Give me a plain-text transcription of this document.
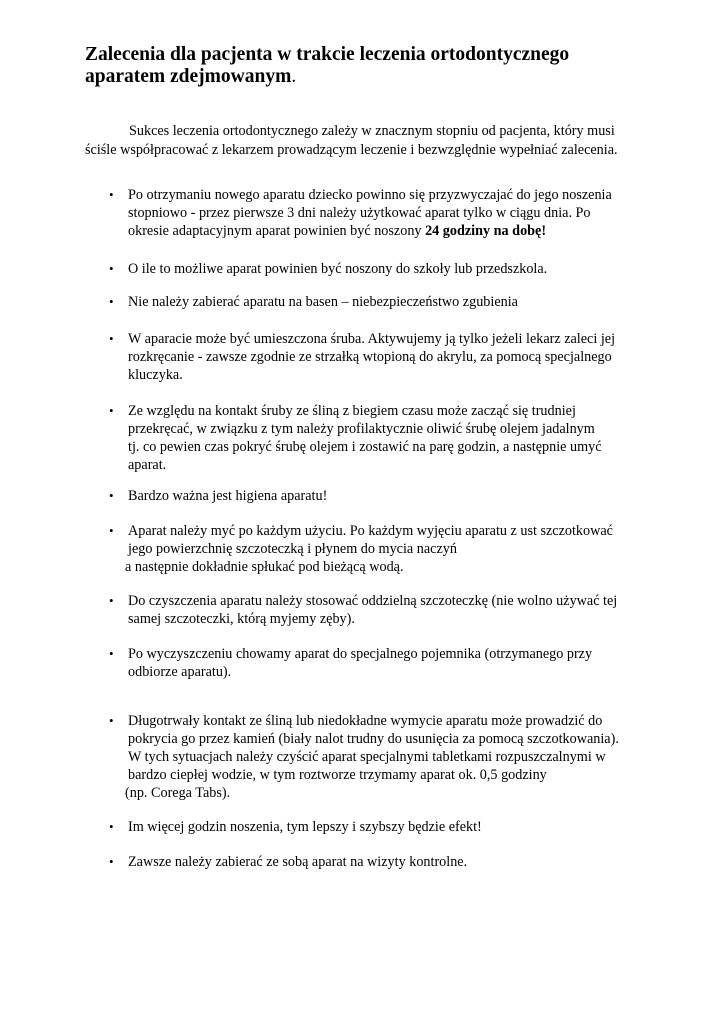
Zalecenia dla pacjenta w trakcie leczenia ortodontycznego aparatem zdejmowanym.

Sukces leczenia ortodontycznego zależy w znacznym stopniu od pacjenta, który musi ściśle współpracować z lekarzem prowadzącym leczenie i bezwzględnie wypełniać zalecenia.

• Po otrzymaniu nowego aparatu dziecko powinno się przyzwyczajać do jego noszenia
stopniowo - przez pierwsze 3 dni należy użytkować aparat tylko w ciągu dnia. Po
okresie adaptacyjnym aparat powinien być noszony 24 godziny na dobę!
• O ile to możliwe aparat powinien być noszony do szkoły lub przedszkola.
• Nie należy zabierać aparatu na basen – niebezpieczeństwo zgubienia
• W aparacie może być umieszczona śruba. Aktywujemy ją tylko jeżeli lekarz zaleci jej
rozkręcanie - zawsze zgodnie ze strzałką wtopioną do akrylu, za pomocą specjalnego
kluczyka.
• Ze względu na kontakt śruby ze śliną z biegiem czasu może zacząć się trudniej
przekręcać, w związku z tym należy profilaktycznie oliwić śrubę olejem jadalnym
tj. co pewien czas pokryć śrubę olejem i zostawić na parę godzin, a następnie umyć
aparat.
• Bardzo ważna jest higiena aparatu!
• Aparat należy myć po każdym użyciu. Po każdym wyjęciu aparatu z ust szczotkować
jego powierzchnię szczoteczką i płynem do mycia naczyń
a następnie dokładnie spłukać pod bieżącą wodą.
• Do czyszczenia aparatu należy stosować oddzielną szczoteczkę (nie wolno używać tej
samej szczoteczki, którą myjemy zęby).
• Po wyczyszczeniu chowamy aparat do specjalnego pojemnika (otrzymanego przy
odbiorze aparatu).
• Długotrwały kontakt ze śliną lub niedokładne wymycie aparatu może prowadzić do
pokrycia go przez kamień (biały nalot trudny do usunięcia za pomocą szczotkowania).
W tych sytuacjach należy czyścić aparat specjalnymi tabletkami rozpuszczalnymi w
bardzo ciepłej wodzie, w tym roztworze trzymamy aparat ok. 0,5 godziny
(np. Corega Tabs).
• Im więcej godzin noszenia, tym lepszy i szybszy będzie efekt!
• Zawsze należy zabierać ze sobą aparat na wizyty kontrolne.
